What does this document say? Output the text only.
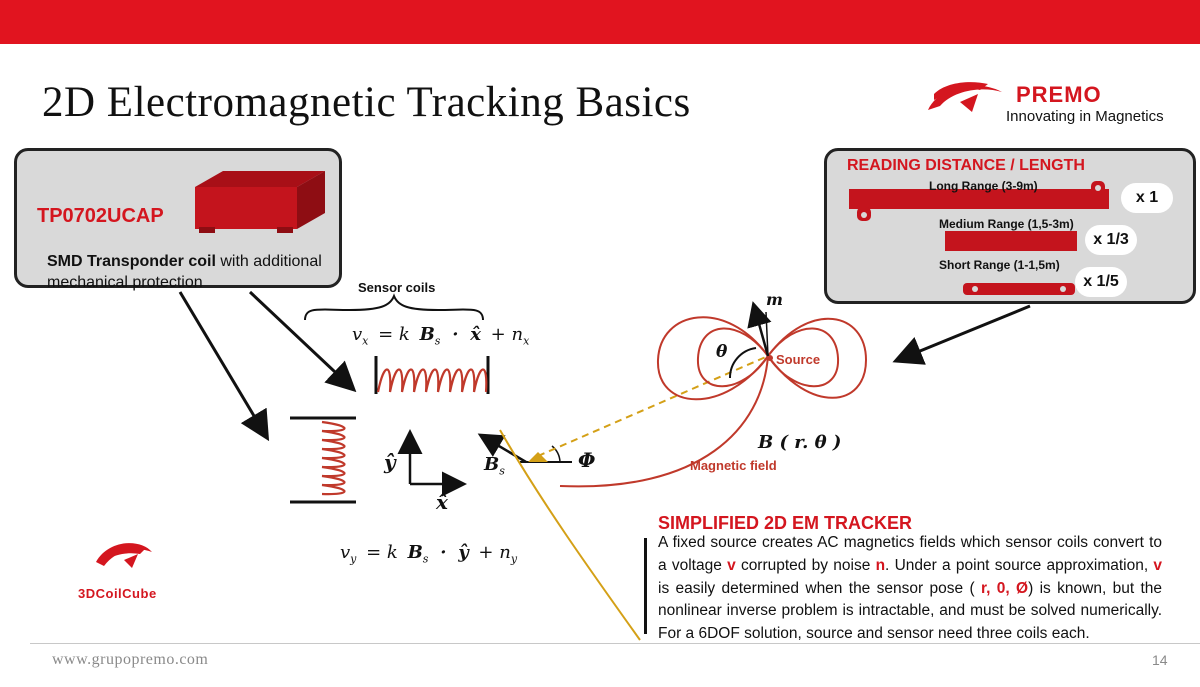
2D Electromagnetic Tracking Basics	PREMO
Innovating in Magnetics
TP0702UCAP
SMD Transponder coil with additional mechanical protection
READING DISTANCE / LENGTH
Long Range (3-9m)
Medium Range (1,5-3m)
Short Range (1-1,5m)
x 1
x 1/3
x 1/5
Sensor coils
$v_x = k$ $B_s$ · x̂ + $n_x$
$v_y = k$ $B_s$ · ŷ + $n_y$
ŷ
x̂
$B_s$	Φ
m
θ
B ( r. θ )
Source
Magnetic field
SIMPLIFIED 2D EM TRACKER
A fixed source creates AC magnetics fields which sensor coils convert to a voltage v corrupted by noise n. Under a point source approximation, v is easily determined when the sensor pose ( r, 0, Ø) is known, but the nonlinear inverse problem is intractable, and must be solved numerically. For a 6DOF solution, source and sensor need three coils each.
3DCoilCube
www.grupopremo.com	14
